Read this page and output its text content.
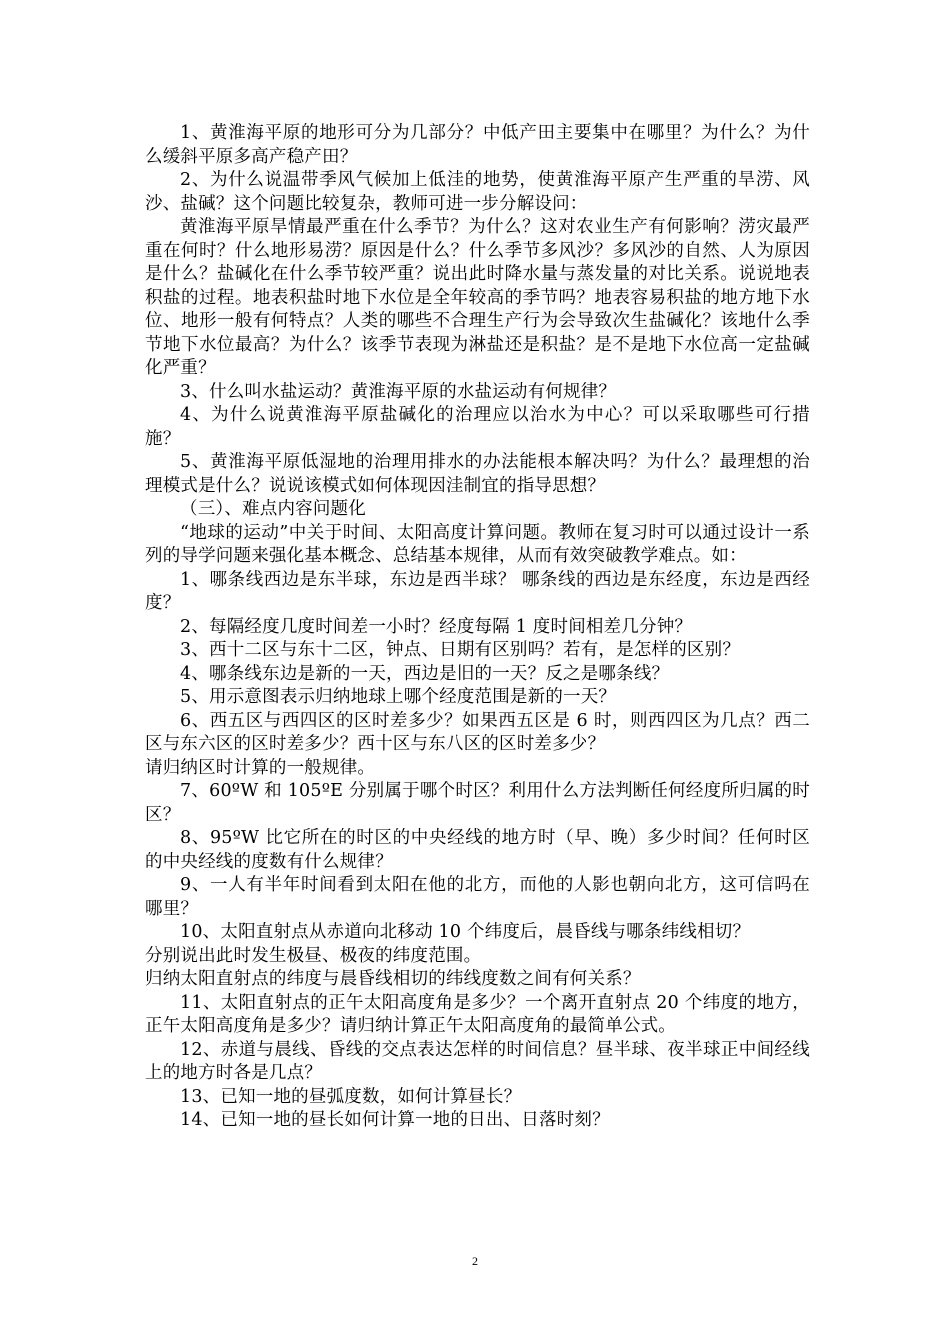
1、黄淮海平原的地形可分为几部分？中低产田主要集中在哪里？为什么？为什么缓斜平原多高产稳产田？

2、为什么说温带季风气候加上低洼的地势，使黄淮海平原产生严重的旱涝、风沙、盐碱？这个问题比较复杂，教师可进一步分解设问：

黄淮海平原旱情最严重在什么季节？为什么？这对农业生产有何影响？涝灾最严重在何时？什么地形易涝？原因是什么？什么季节多风沙？多风沙的自然、人为原因是什么？盐碱化在什么季节较严重？说出此时降水量与蒸发量的对比关系。说说地表积盐的过程。地表积盐时地下水位是全年较高的季节吗？地表容易积盐的地方地下水位、地形一般有何特点？人类的哪些不合理生产行为会导致次生盐碱化？该地什么季节地下水位最高？为什么？该季节表现为淋盐还是积盐？是不是地下水位高一定盐碱化严重？

3、什么叫水盐运动？黄淮海平原的水盐运动有何规律？

4、为什么说黄淮海平原盐碱化的治理应以治水为中心？可以采取哪些可行措施？

5、黄淮海平原低湿地的治理用排水的办法能根本解决吗？为什么？最理想的治理模式是什么？说说该模式如何体现因洼制宜的指导思想？

（三）、难点内容问题化

“地球的运动”中关于时间、太阳高度计算问题。教师在复习时可以通过设计一系列的导学问题来强化基本概念、总结基本规律，从而有效突破教学难点。如：

1、哪条线西边是东半球，东边是西半球？ 哪条线的西边是东经度，东边是西经度？

2、每隔经度几度时间差一小时？经度每隔 1 度时间相差几分钟？

3、西十二区与东十二区，钟点、日期有区别吗？若有，是怎样的区别？

4、哪条线东边是新的一天，西边是旧的一天？反之是哪条线？

5、用示意图表示归纳地球上哪个经度范围是新的一天？

6、西五区与西四区的区时差多少？如果西五区是 6 时，则西四区为几点？西二区与东六区的区时差多少？西十区与东八区的区时差多少？

请归纳区时计算的一般规律。

7、60ºW 和 105ºE 分别属于哪个时区？利用什么方法判断任何经度所归属的时区？

8、95ºW 比它所在的时区的中央经线的地方时（早、晚）多少时间？任何时区的中央经线的度数有什么规律？

9、一人有半年时间看到太阳在他的北方，而他的人影也朝向北方，这可信吗在哪里？

10、太阳直射点从赤道向北移动 10 个纬度后，晨昏线与哪条纬线相切？

分别说出此时发生极昼、极夜的纬度范围。

归纳太阳直射点的纬度与晨昏线相切的纬线度数之间有何关系？

11、太阳直射点的正午太阳高度角是多少？一个离开直射点 20 个纬度的地方，正午太阳高度角是多少？请归纳计算正午太阳高度角的最简单公式。

12、赤道与晨线、昏线的交点表达怎样的时间信息？昼半球、夜半球正中间经线上的地方时各是几点？

13、已知一地的昼弧度数，如何计算昼长？

14、已知一地的昼长如何计算一地的日出、日落时刻？

2
